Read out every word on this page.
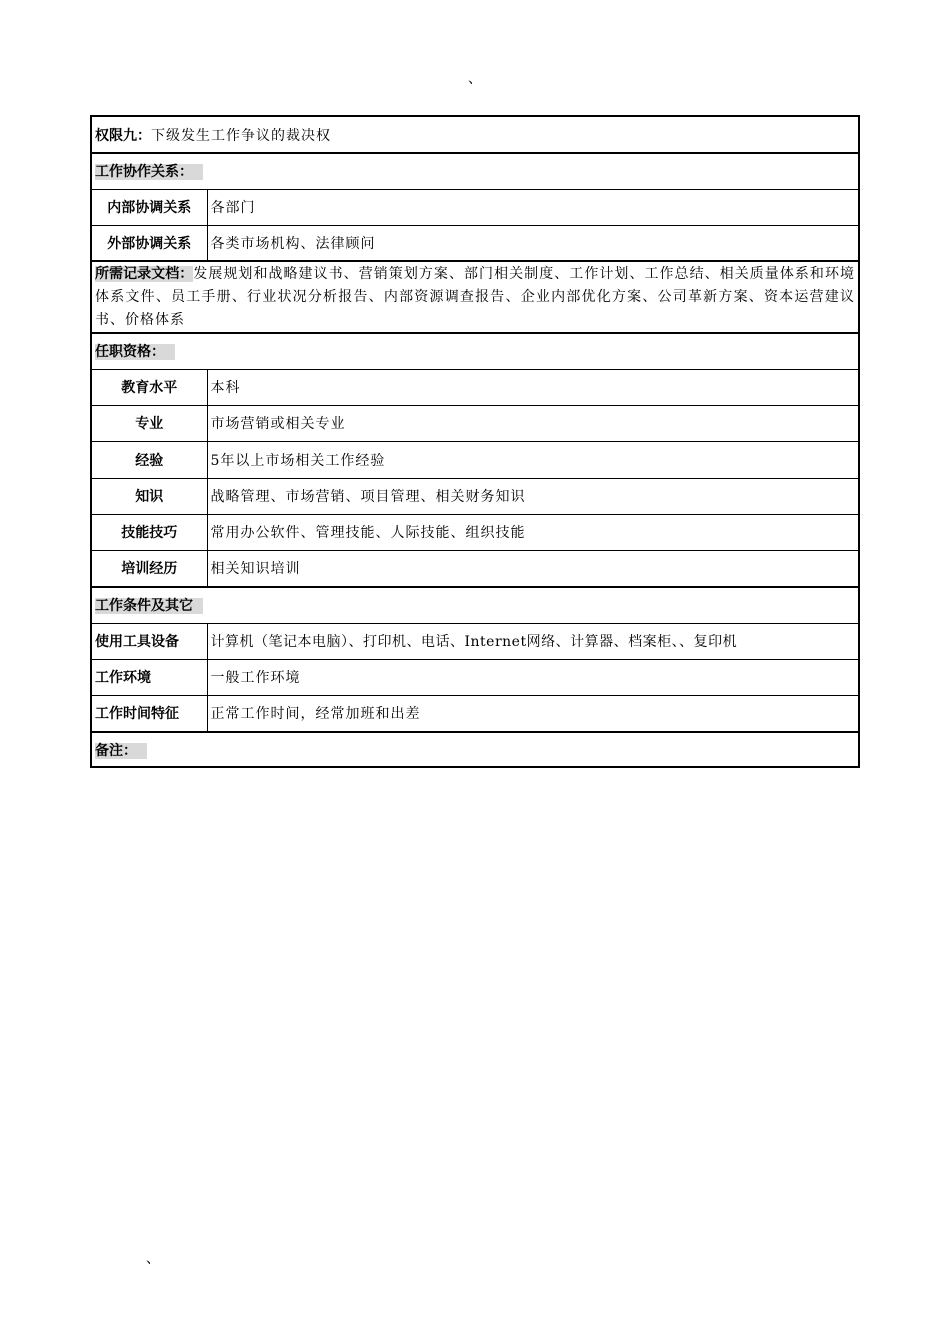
、
权限九：下级发生工作争议的裁决权	
工作协作关系：	
内部协调关系	各部门
外部协调关系	各类市场机构、法律顾问
所需记录文档：发展规划和战略建议书、营销策划方案、部门相关制度、工作计划、工作总结、相关质量体系和环境体系文件、员工手册、行业状况分析报告、内部资源调查报告、企业内部优化方案、公司革新方案、资本运营建议书、价格体系	
任职资格：	
教育水平	本科
专业	市场营销或相关专业
经验	5年以上市场相关工作经验
知识	战略管理、市场营销、项目管理、相关财务知识
技能技巧	常用办公软件、管理技能、人际技能、组织技能
培训经历	相关知识培训
工作条件及其它	
使用工具设备	计算机（笔记本电脑）、打印机、电话、Internet网络、计算器、档案柜、、复印机
工作环境	一般工作环境
工作时间特征	正常工作时间，经常加班和出差
备注：	
、
